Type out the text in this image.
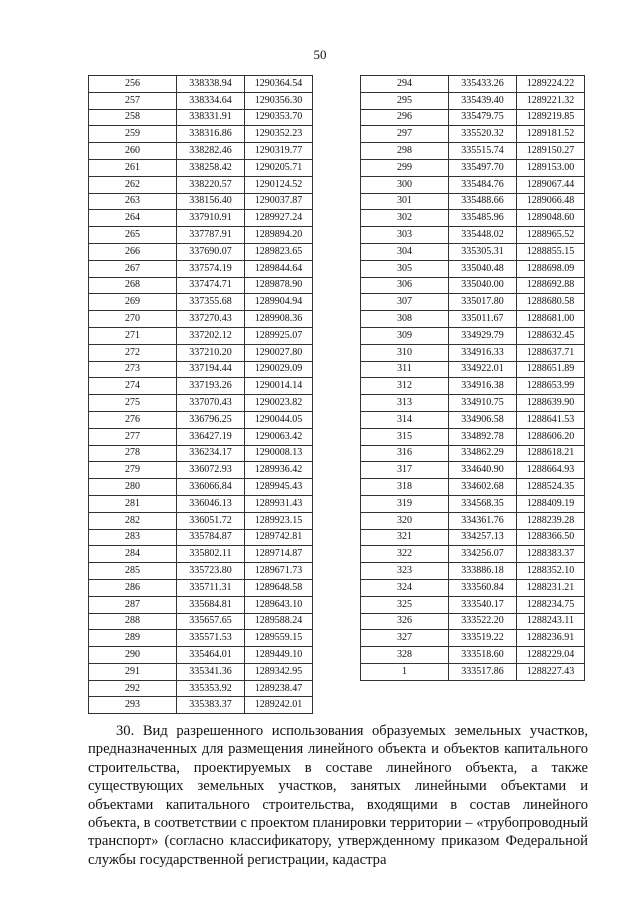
50
256	338338.94	1290364.54
257	338334.64	1290356.30
258	338331.91	1290353.70
259	338316.86	1290352.23
260	338282.46	1290319.77
261	338258.42	1290205.71
262	338220.57	1290124.52
263	338156.40	1290037.87
264	337910.91	1289927.24
265	337787.91	1289894.20
266	337690.07	1289823.65
267	337574.19	1289844.64
268	337474.71	1289878.90
269	337355.68	1289904.94
270	337270.43	1289908.36
271	337202.12	1289925.07
272	337210.20	1290027.80
273	337194.44	1290029.09
274	337193.26	1290014.14
275	337070.43	1290023.82
276	336796.25	1290044.05
277	336427.19	1290063.42
278	336234.17	1290008.13
279	336072.93	1289936.42
280	336066.84	1289945.43
281	336046.13	1289931.43
282	336051.72	1289923.15
283	335784.87	1289742.81
284	335802.11	1289714.87
285	335723.80	1289671.73
286	335711.31	1289648.58
287	335684.81	1289643.10
288	335657.65	1289588.24
289	335571.53	1289559.15
290	335464.01	1289449.10
291	335341.36	1289342.95
292	335353.92	1289238.47
293	335383.37	1289242.01
294	335433.26	1289224.22
295	335439.40	1289221.32
296	335479.75	1289219.85
297	335520.32	1289181.52
298	335515.74	1289150.27
299	335497.70	1289153.00
300	335484.76	1289067.44
301	335488.66	1289066.48
302	335485.96	1289048.60
303	335448.02	1288965.52
304	335305.31	1288855.15
305	335040.48	1288698.09
306	335040.00	1288692.88
307	335017.80	1288680.58
308	335011.67	1288681.00
309	334929.79	1288632.45
310	334916.33	1288637.71
311	334922.01	1288651.89
312	334916.38	1288653.99
313	334910.75	1288639.90
314	334906.58	1288641.53
315	334892.78	1288606.20
316	334862.29	1288618.21
317	334640.90	1288664.93
318	334602.68	1288524.35
319	334568.35	1288409.19
320	334361.76	1288239.28
321	334257.13	1288366.50
322	334256.07	1288383.37
323	333886.18	1288352.10
324	333560.84	1288231.21
325	333540.17	1288234.75
326	333522.20	1288243.11
327	333519.22	1288236.91
328	333518.60	1288229.04
1	333517.86	1288227.43
30. Вид разрешенного использования образуемых земельных участков, предназначенных для размещения линейного объекта и объектов капитального строительства, проектируемых в составе линейного объекта, а также существующих земельных участков, занятых линейными объектами и объектами капитального строительства, входящими в состав линейного объекта, в соответствии с проектом планировки территории – «трубопроводный транспорт» (согласно классификатору, утвержденному приказом Федеральной службы государственной регистрации, кадастра
